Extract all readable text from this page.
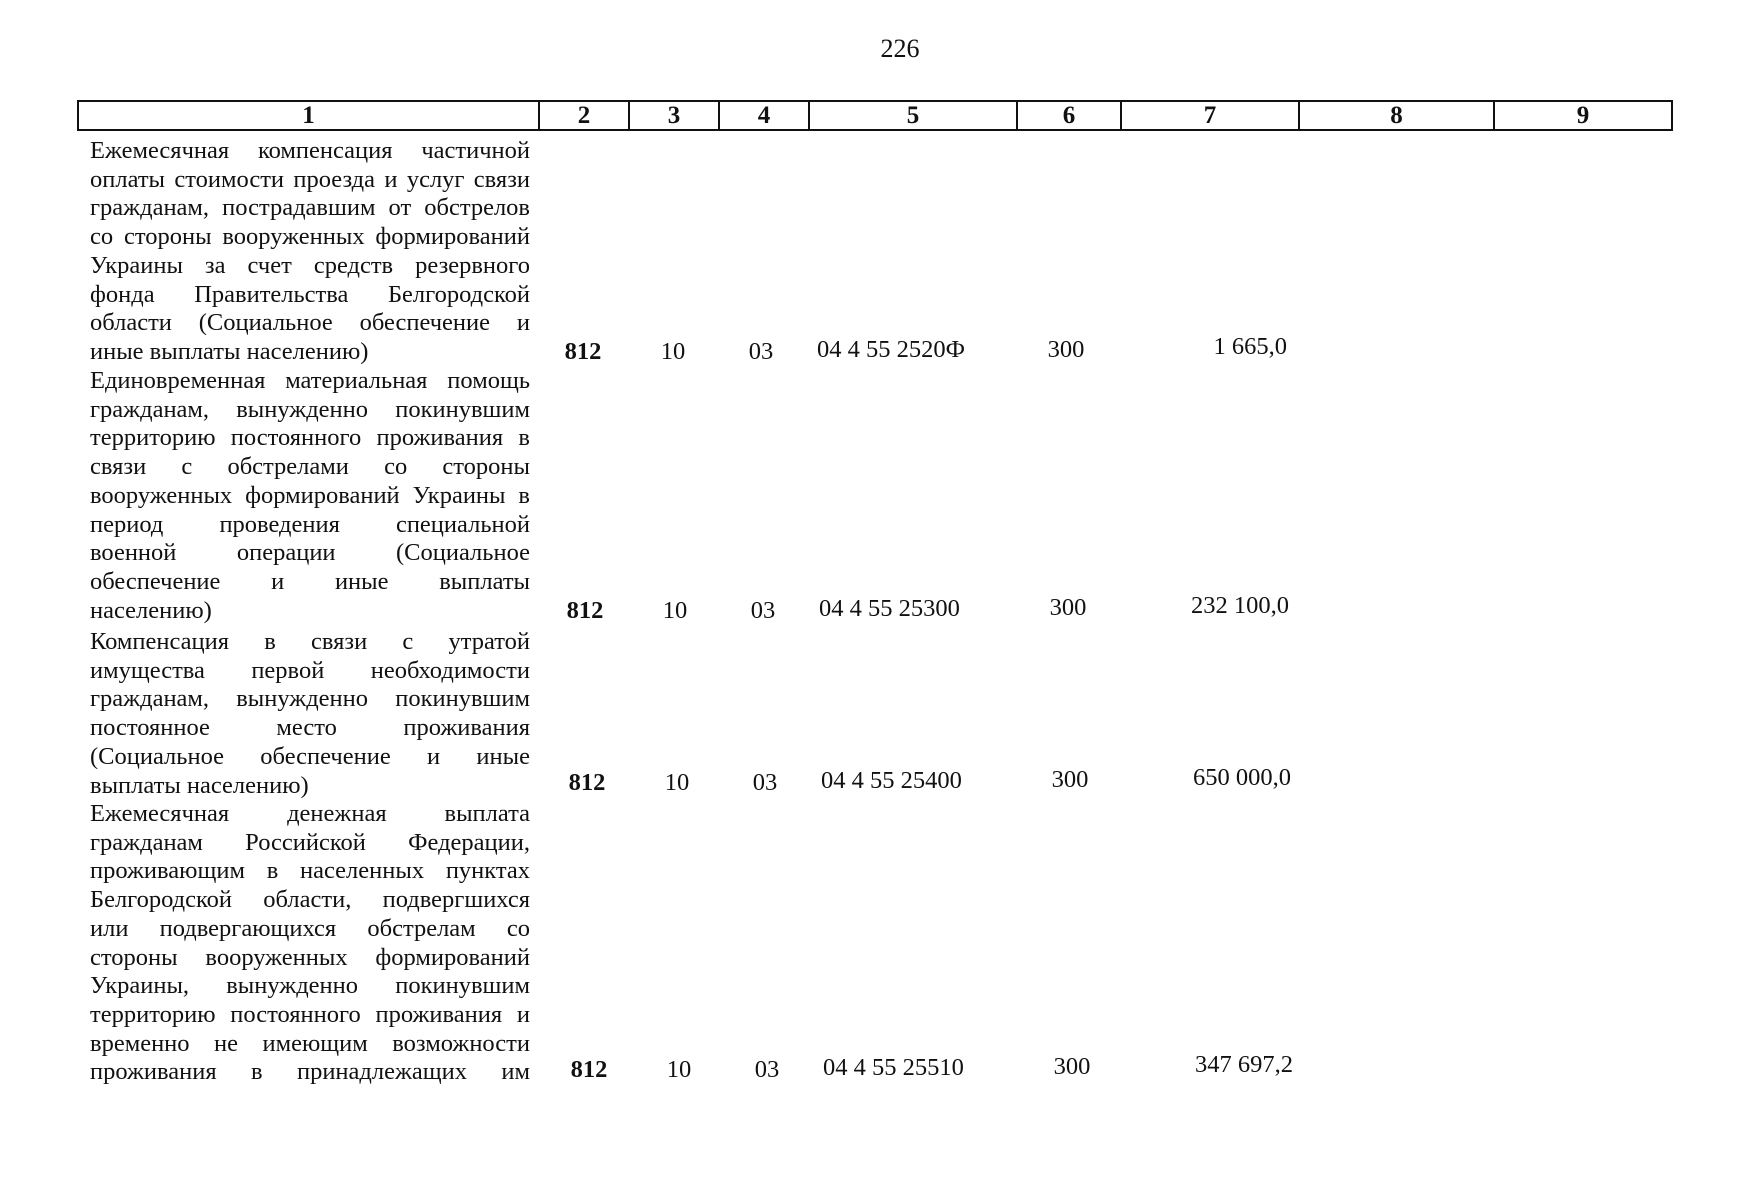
226
1	2	3	4	5	6	7	8	9
Ежемесячная компенсация частичной
оплаты стоимости проезда и услуг связи
гражданам, пострадавшим от обстрелов
со стороны вооруженных формирований
Украины за счет средств резервного
фонда Правительства Белгородской
области (Социальное обеспечение и
иные выплаты населению)	812	10	03	04 4 55 2520Ф	300	1 665,0
Единовременная материальная помощь
гражданам, вынужденно покинувшим
территорию постоянного проживания в
связи с обстрелами со стороны
вооруженных формирований Украины в
период проведения специальной
военной операции (Социальное
обеспечение и иные выплаты
населению)	812	10	03	04 4 55 25300	300	232 100,0
Компенсация в связи с утратой
имущества первой необходимости
гражданам, вынужденно покинувшим
постоянное место проживания
(Социальное обеспечение и иные
выплаты населению)	812	10	03	04 4 55 25400	300	650 000,0
Ежемесячная денежная выплата
гражданам Российской Федерации,
проживающим в населенных пунктах
Белгородской области, подвергшихся
или подвергающихся обстрелам со
стороны вооруженных формирований
Украины, вынужденно покинувшим
территорию постоянного проживания и
временно не имеющим возможности
проживания в принадлежащих им	812	10	03	04 4 55 25510	300	347 697,2
